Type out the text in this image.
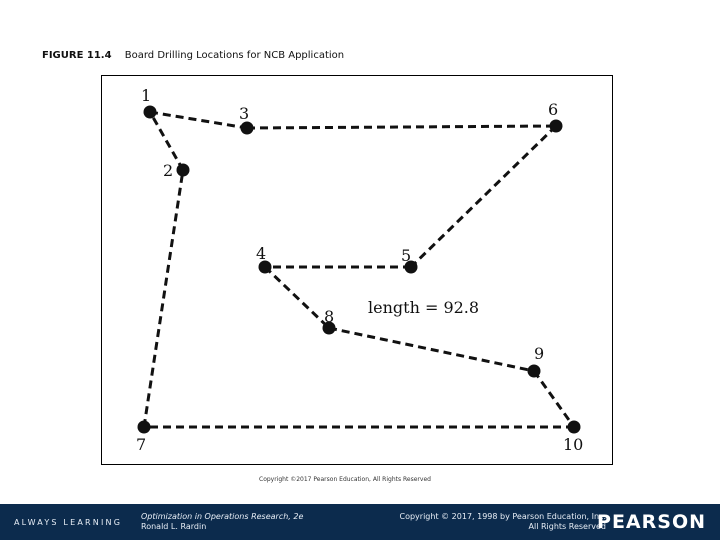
FIGURE 11.4 Board Drilling Locations for NCB Application
1
2
3
4	5
6
7
8
9
10
length = 92.8
Copyright ©2017 Pearson Education, All Rights Reserved
ALWAYS LEARNING
Optimization in Operations Research, 2e
Ronald L. Rardin
Copyright © 2017, 1998 by Pearson Education, Inc.
All Rights Reserved
PEARSON
